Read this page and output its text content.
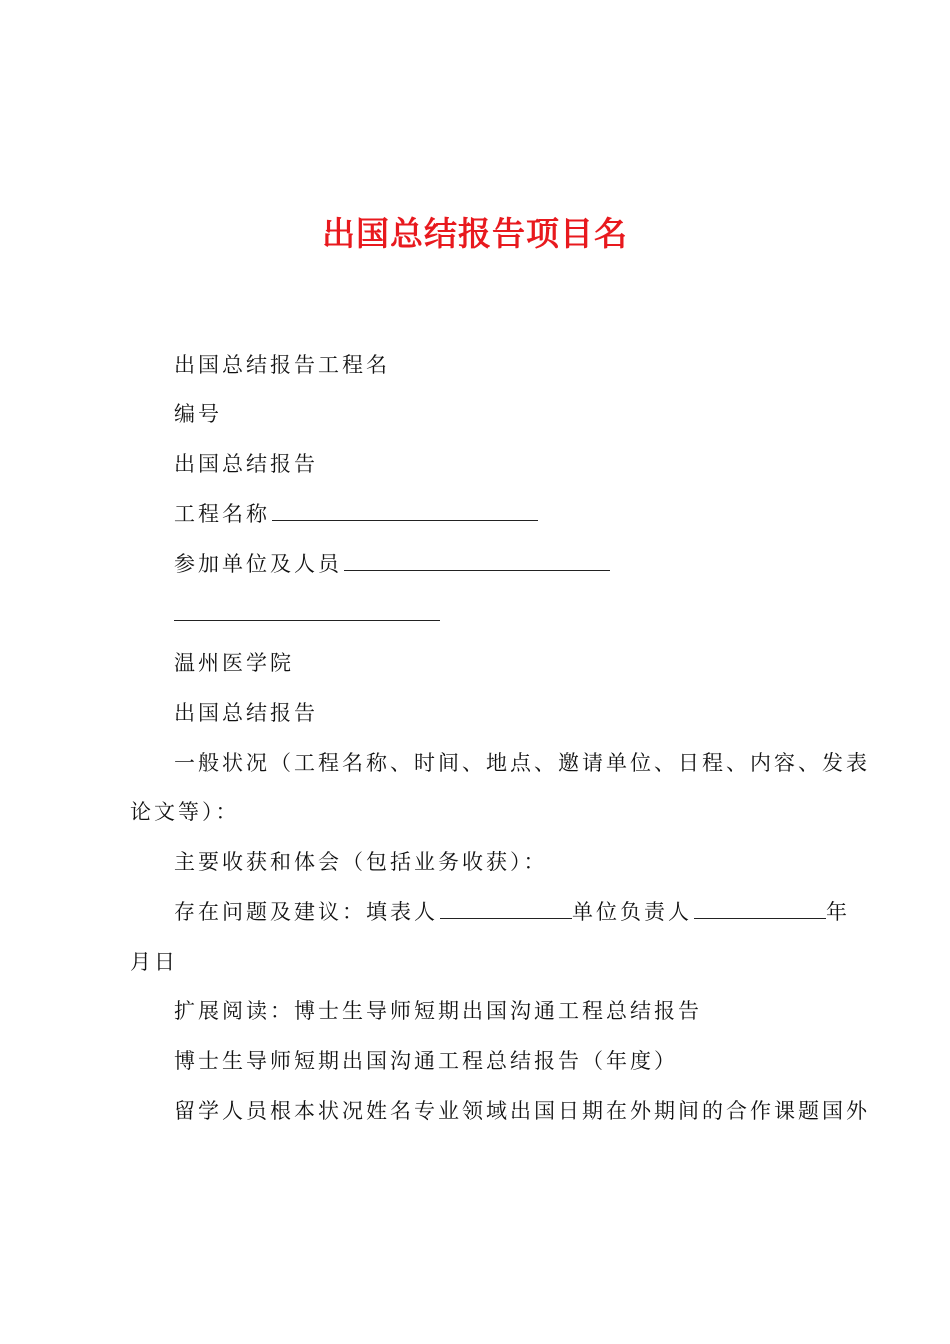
出国总结报告项目名
出国总结报告工程名
编号
出国总结报告
工程名称
参加单位及人员
温州医学院
出国总结报告
一般状况（工程名称、时间、地点、邀请单位、日程、内容、发表
论文等）：
主要收获和体会（包括业务收获）：
存在问题及建议：填表人	单位负责人	年
月日
扩展阅读：博士生导师短期出国沟通工程总结报告
博士生导师短期出国沟通工程总结报告（年度）
留学人员根本状况姓名专业领域出国日期在外期间的合作课题国外
